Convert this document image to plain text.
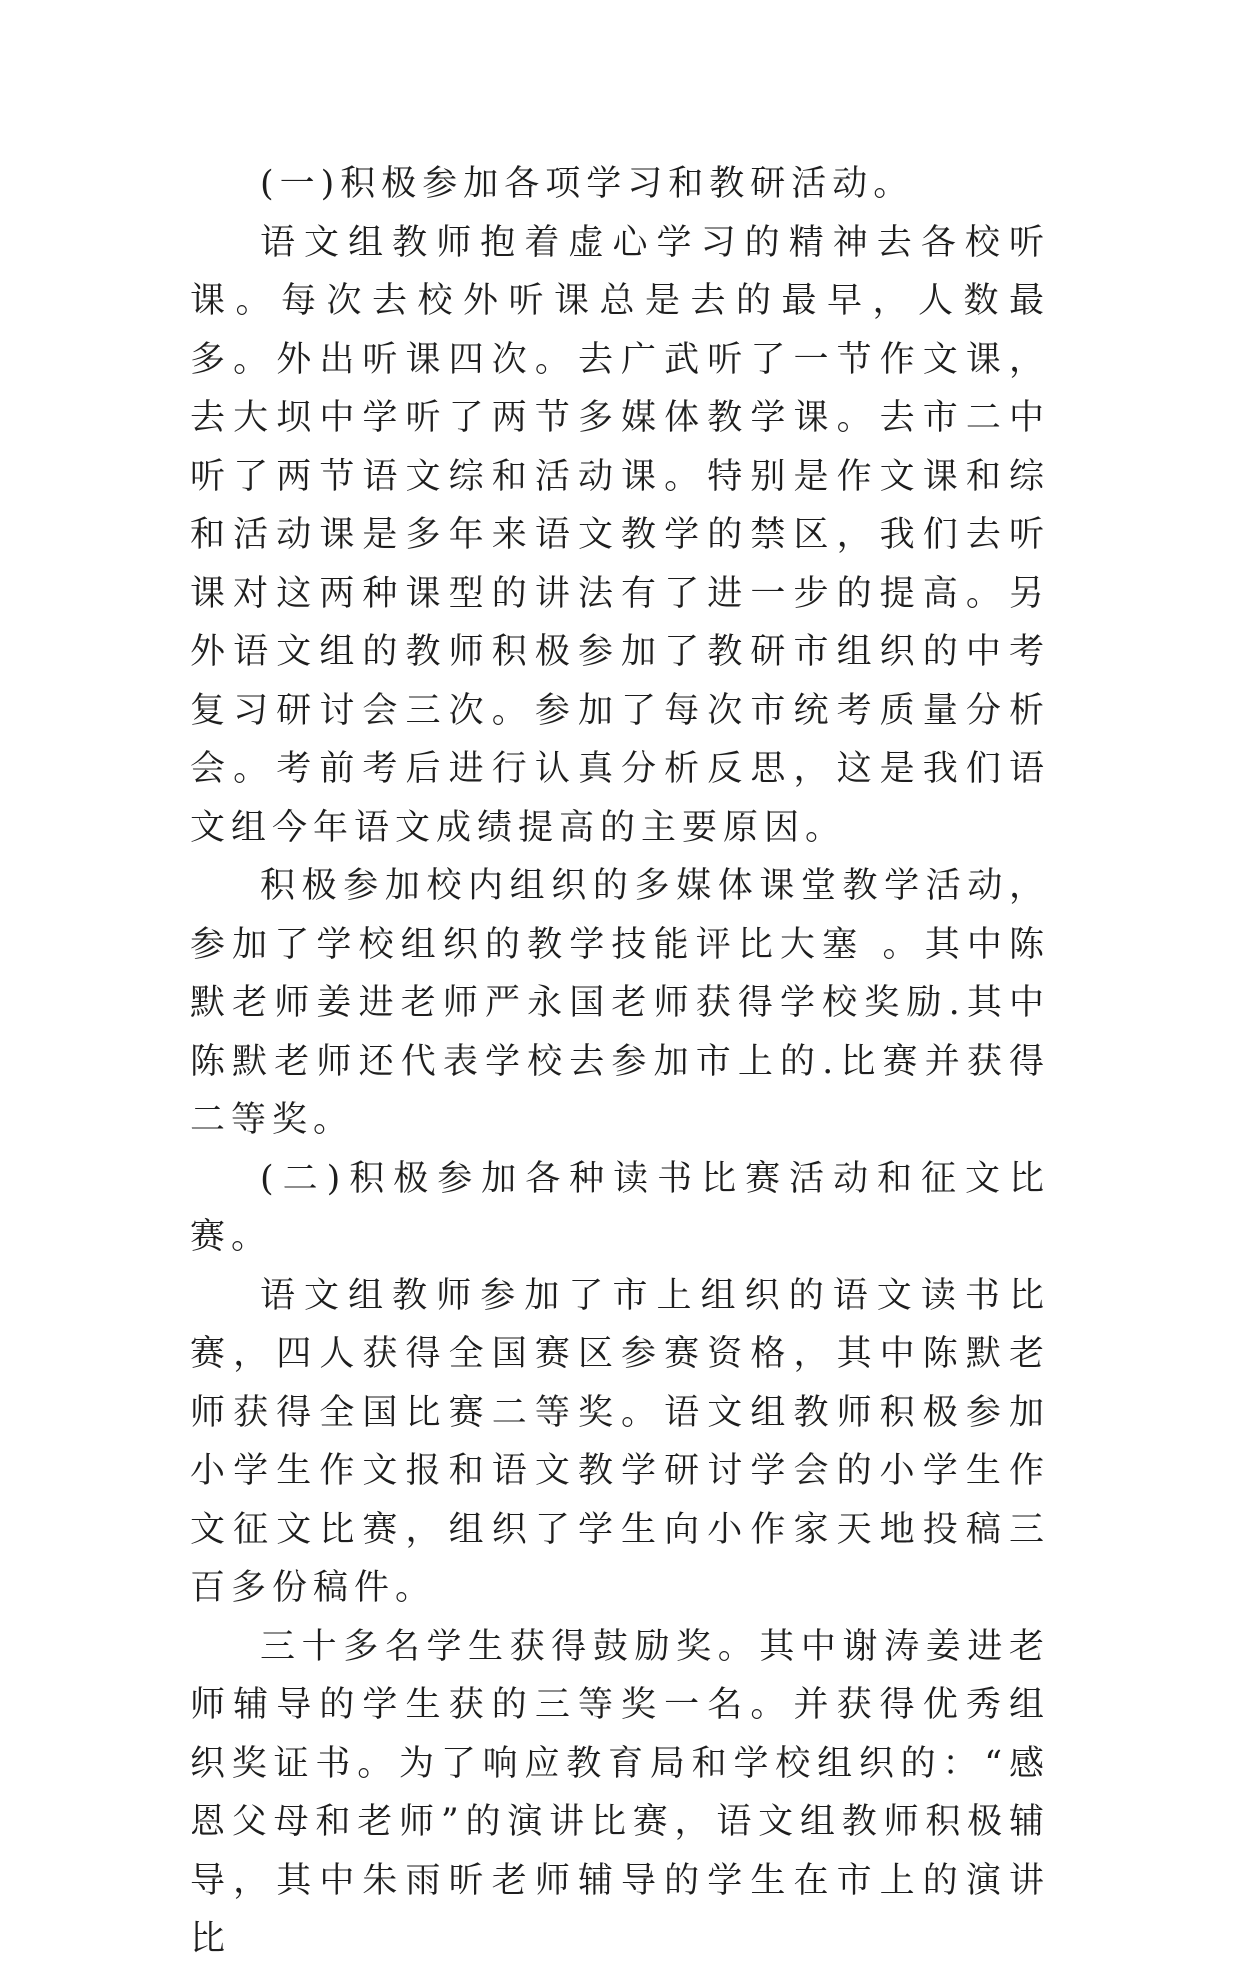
(一)积极参加各项学习和教研活动。

语文组教师抱着虚心学习的精神去各校听课。每次去校外听课总是去的最早，人数最多。外出听课四次。去广武听了一节作文课，去大坝中学听了两节多媒体教学课。去市二中听了两节语文综和活动课。特别是作文课和综和活动课是多年来语文教学的禁区，我们去听课对这两种课型的讲法有了进一步的提高。另外语文组的教师积极参加了教研市组织的中考复习研讨会三次。参加了每次市统考质量分析会。考前考后进行认真分析反思，这是我们语文组今年语文成绩提高的主要原因。

积极参加校内组织的多媒体课堂教学活动，参加了学校组织的教学技能评比大塞 。其中陈默老师姜进老师严永国老师获得学校奖励.其中陈默老师还代表学校去参加市上的.比赛并获得二等奖。

(二)积极参加各种读书比赛活动和征文比赛。

语文组教师参加了市上组织的语文读书比赛，四人获得全国赛区参赛资格，其中陈默老师获得全国比赛二等奖。语文组教师积极参加小学生作文报和语文教学研讨学会的小学生作文征文比赛，组织了学生向小作家天地投稿三百多份稿件。

三十多名学生获得鼓励奖。其中谢涛姜进老师辅导的学生获的三等奖一名。并获得优秀组织奖证书。为了响应教育局和学校组织的：“感恩父母和老师”的演讲比赛，语文组教师积极辅导，其中朱雨昕老师辅导的学生在市上的演讲比
